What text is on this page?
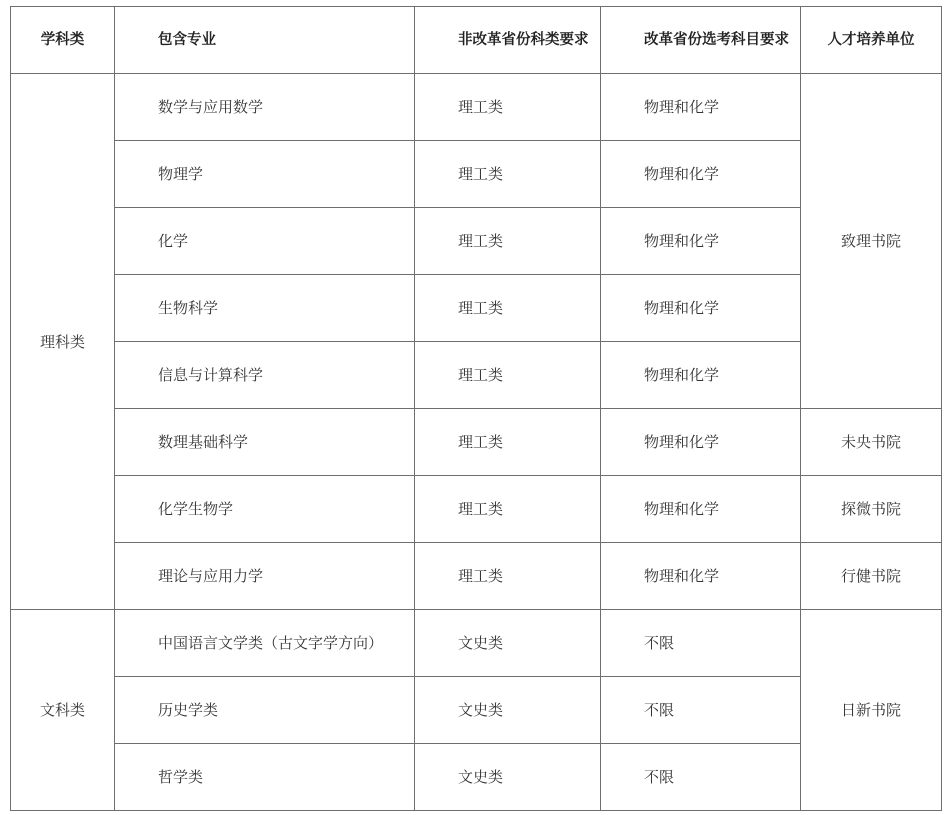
学科类	包含专业	非改革省份科类要求	改革省份选考科目要求	人才培养单位
理科类	数学与应用数学	理工类	物理和化学	致理书院
	物理学	理工类	物理和化学	
	化学	理工类	物理和化学	
	生物科学	理工类	物理和化学	
	信息与计算科学	理工类	物理和化学	
	数理基础科学	理工类	物理和化学	未央书院
	化学生物学	理工类	物理和化学	探微书院
	理论与应用力学	理工类	物理和化学	行健书院
文科类	中国语言文学类（古文字学方向）	文史类	不限	日新书院
	历史学类	文史类	不限	
	哲学类	文史类	不限	
